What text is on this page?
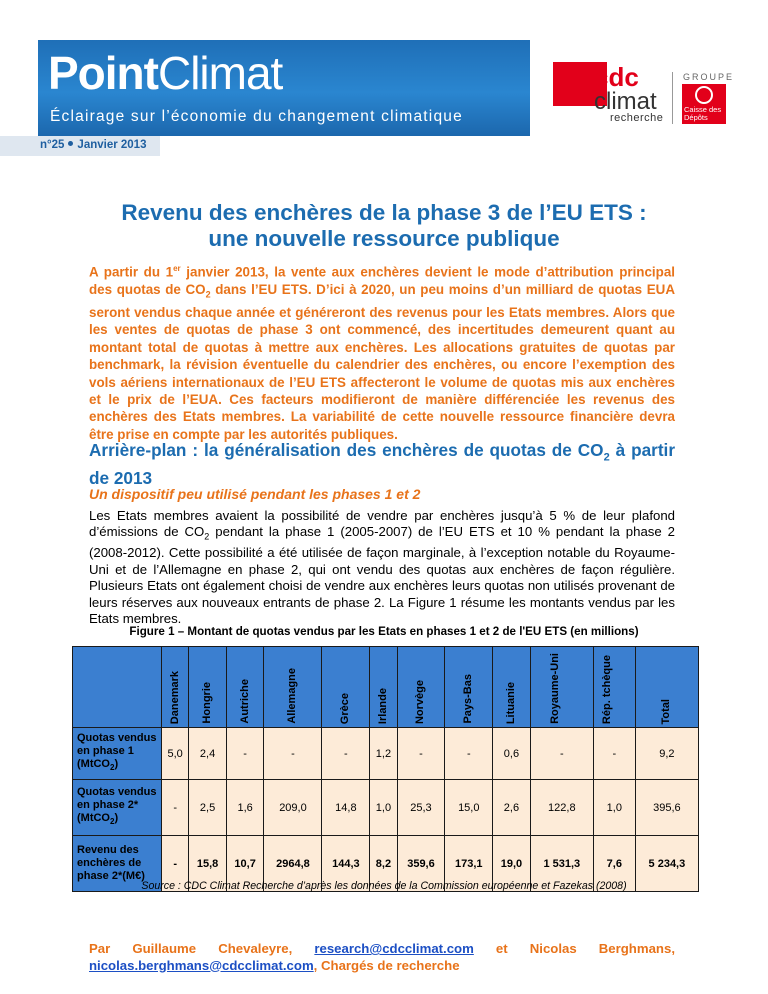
PointClimat
Éclairage sur l’économie du changement climatique
n°25 Janvier 2013
cdc
climat
recherche
GROUPE
Caisse des Dépôts
Revenu des enchères de la phase 3 de l’EU ETS :
une nouvelle ressource publique
A partir du 1er janvier 2013, la vente aux enchères devient le mode d’attribution principal des quotas de $CO_2$ dans l’EU ETS. D’ici à 2020, un peu moins d’un milliard de quotas EUA seront vendus chaque année et généreront des revenus pour les Etats membres. Alors que les ventes de quotas de phase 3 ont commencé, des incertitudes demeurent quant au montant total de quotas à mettre aux enchères. Les allocations gratuites de quotas par benchmark, la révision éventuelle du calendrier des enchères, ou encore l’exemption des vols aériens internationaux de l’EU ETS affecteront le volume de quotas mis aux enchères et le prix de l’EUA. Ces facteurs modifieront de manière différenciée les revenus des enchères des Etats membres. La variabilité de cette nouvelle ressource financière devra être prise en compte par les autorités publiques.
Arrière-plan : la généralisation des enchères de quotas de $CO_2$ à partir de 2013
Un dispositif peu utilisé pendant les phases 1 et 2
Les Etats membres avaient la possibilité de vendre par enchères jusqu’à 5 % de leur plafond d’émissions de $CO_2$ pendant la phase 1 (2005-2007) de l’EU ETS et 10 % pendant la phase 2 (2008-2012). Cette possibilité a été utilisée de façon marginale, à l’exception notable du Royaume-Uni et de l’Allemagne en phase 2, qui ont vendu des quotas aux enchères de façon régulière. Plusieurs Etats ont également choisi de vendre aux enchères leurs quotas non utilisés provenant de leurs réserves aux nouveaux entrants de phase 2. La Figure 1 résume les montants vendus par les Etats membres.
Figure 1 – Montant de quotas vendus par les Etats en phases 1 et 2 de l'EU ETS (en millions)
	Danemark	Hongrie	Autriche	Allemagne	Grèce	Irlande	Norvège	Pays-Bas	Lituanie	Royaume-Uni	Rép. tchèque	Total
Quotas vendus en phase 1 (MtCO$_2$)	5,0	2,4	-	-	-	1,2	-	-	0,6	-	-	9,2
Quotas vendus en phase 2*(MtCO$_2$)	-	2,5	1,6	209,0	14,8	1,0	25,3	15,0	2,6	122,8	1,0	395,6
Revenu des enchères de phase 2*(M€)	-	15,8	10,7	2964,8	144,3	8,2	359,6	173,1	19,0	1 531,3	7,6	5 234,3
Source : CDC Climat Recherche d’après les données de la Commission européenne et Fazekas (2008)
Par Guillaume Chevaleyre, research@cdcclimat.com et Nicolas Berghmans,
nicolas.berghmans@cdcclimat.com, Chargés de recherche
